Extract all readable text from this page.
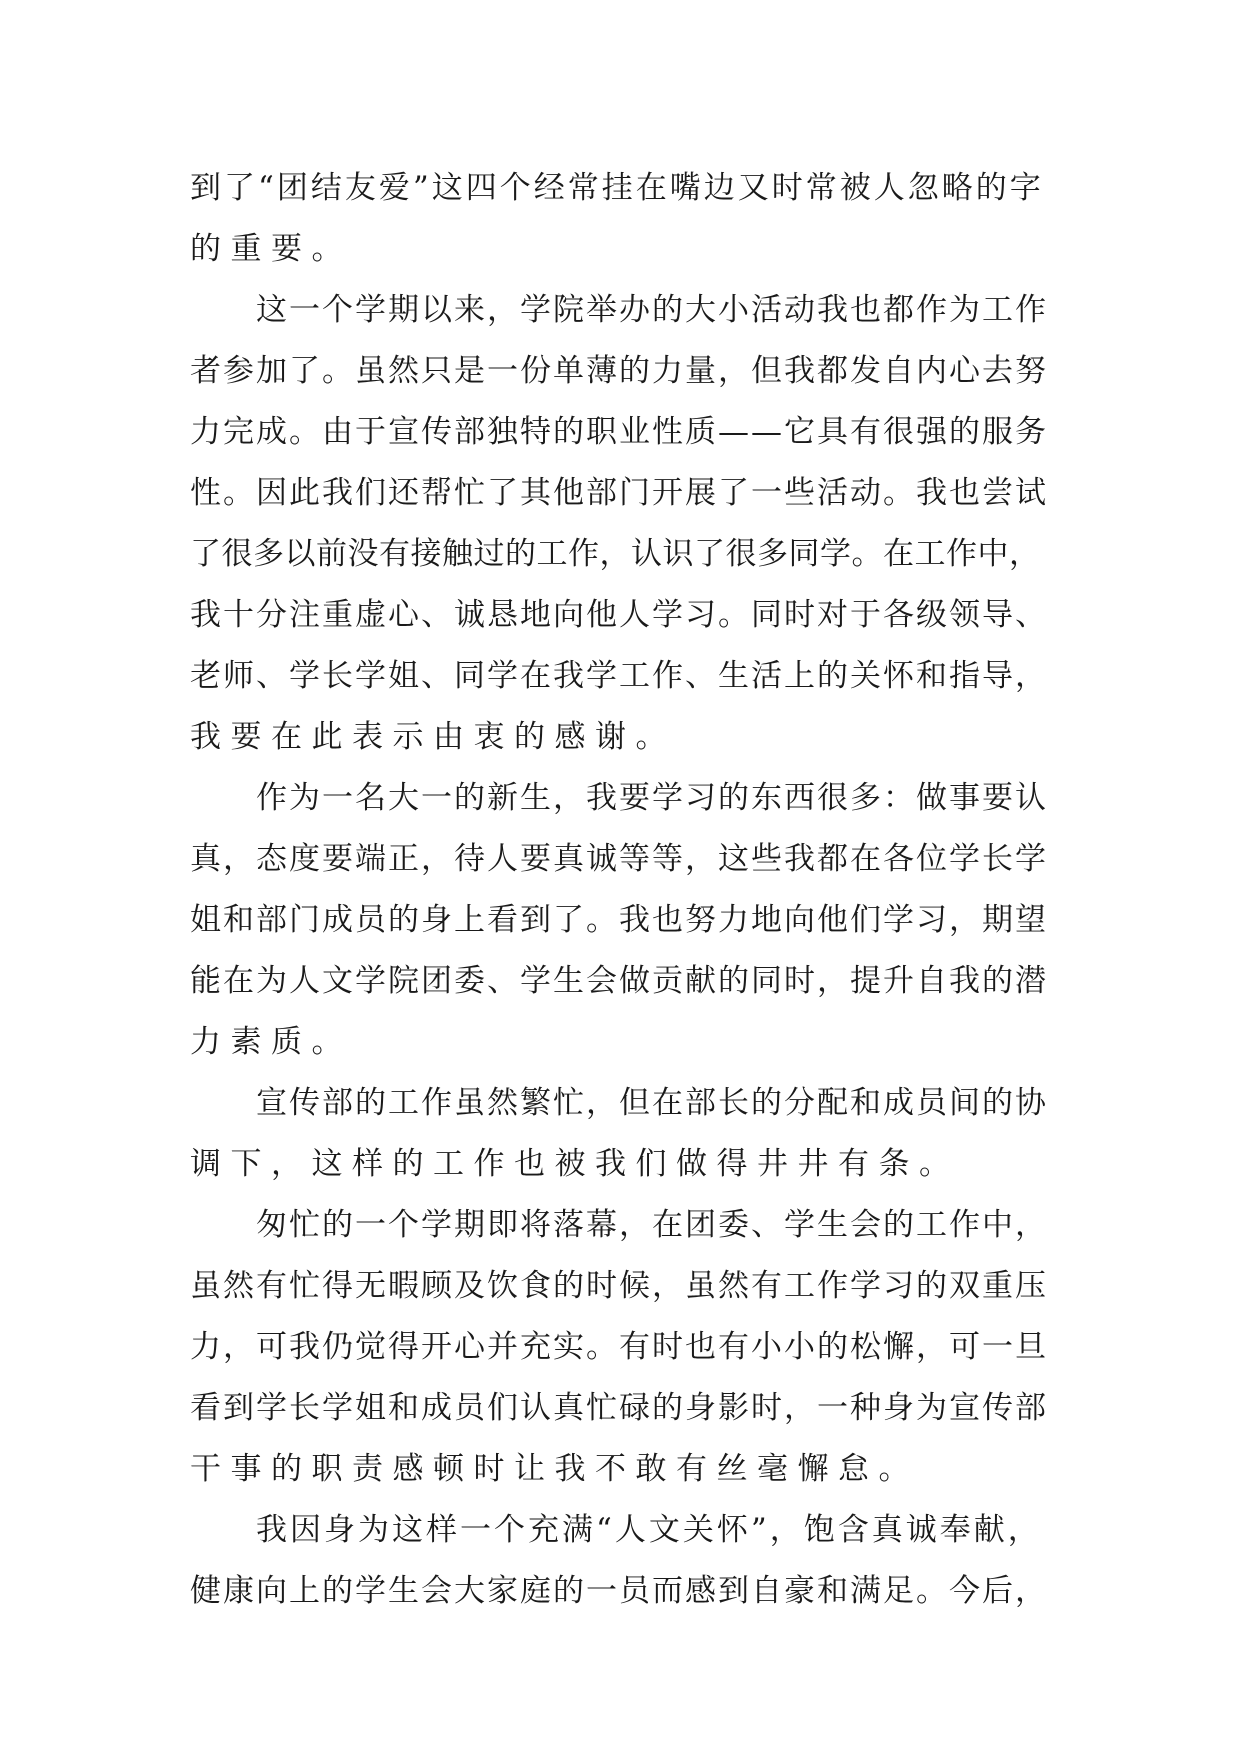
到了“团结友爱”这四个经常挂在嘴边又时常被人忽略的字
的重要。
这一个学期以来，学院举办的大小活动我也都作为工作
者参加了。虽然只是一份单薄的力量，但我都发自内心去努
力完成。由于宣传部独特的职业性质——它具有很强的服务
性。因此我们还帮忙了其他部门开展了一些活动。我也尝试
了很多以前没有接触过的工作，认识了很多同学。在工作中，
我十分注重虚心、诚恳地向他人学习。同时对于各级领导、
老师、学长学姐、同学在我学工作、生活上的关怀和指导，
我要在此表示由衷的感谢。
作为一名大一的新生，我要学习的东西很多：做事要认
真，态度要端正，待人要真诚等等，这些我都在各位学长学
姐和部门成员的身上看到了。我也努力地向他们学习，期望
能在为人文学院团委、学生会做贡献的同时，提升自我的潜
力素质。
宣传部的工作虽然繁忙，但在部长的分配和成员间的协
调下，这样的工作也被我们做得井井有条。
匆忙的一个学期即将落幕，在团委、学生会的工作中，
虽然有忙得无暇顾及饮食的时候，虽然有工作学习的双重压
力，可我仍觉得开心并充实。有时也有小小的松懈，可一旦
看到学长学姐和成员们认真忙碌的身影时，一种身为宣传部
干事的职责感顿时让我不敢有丝毫懈怠。
我因身为这样一个充满“人文关怀”，饱含真诚奉献，
健康向上的学生会大家庭的一员而感到自豪和满足。今后，
